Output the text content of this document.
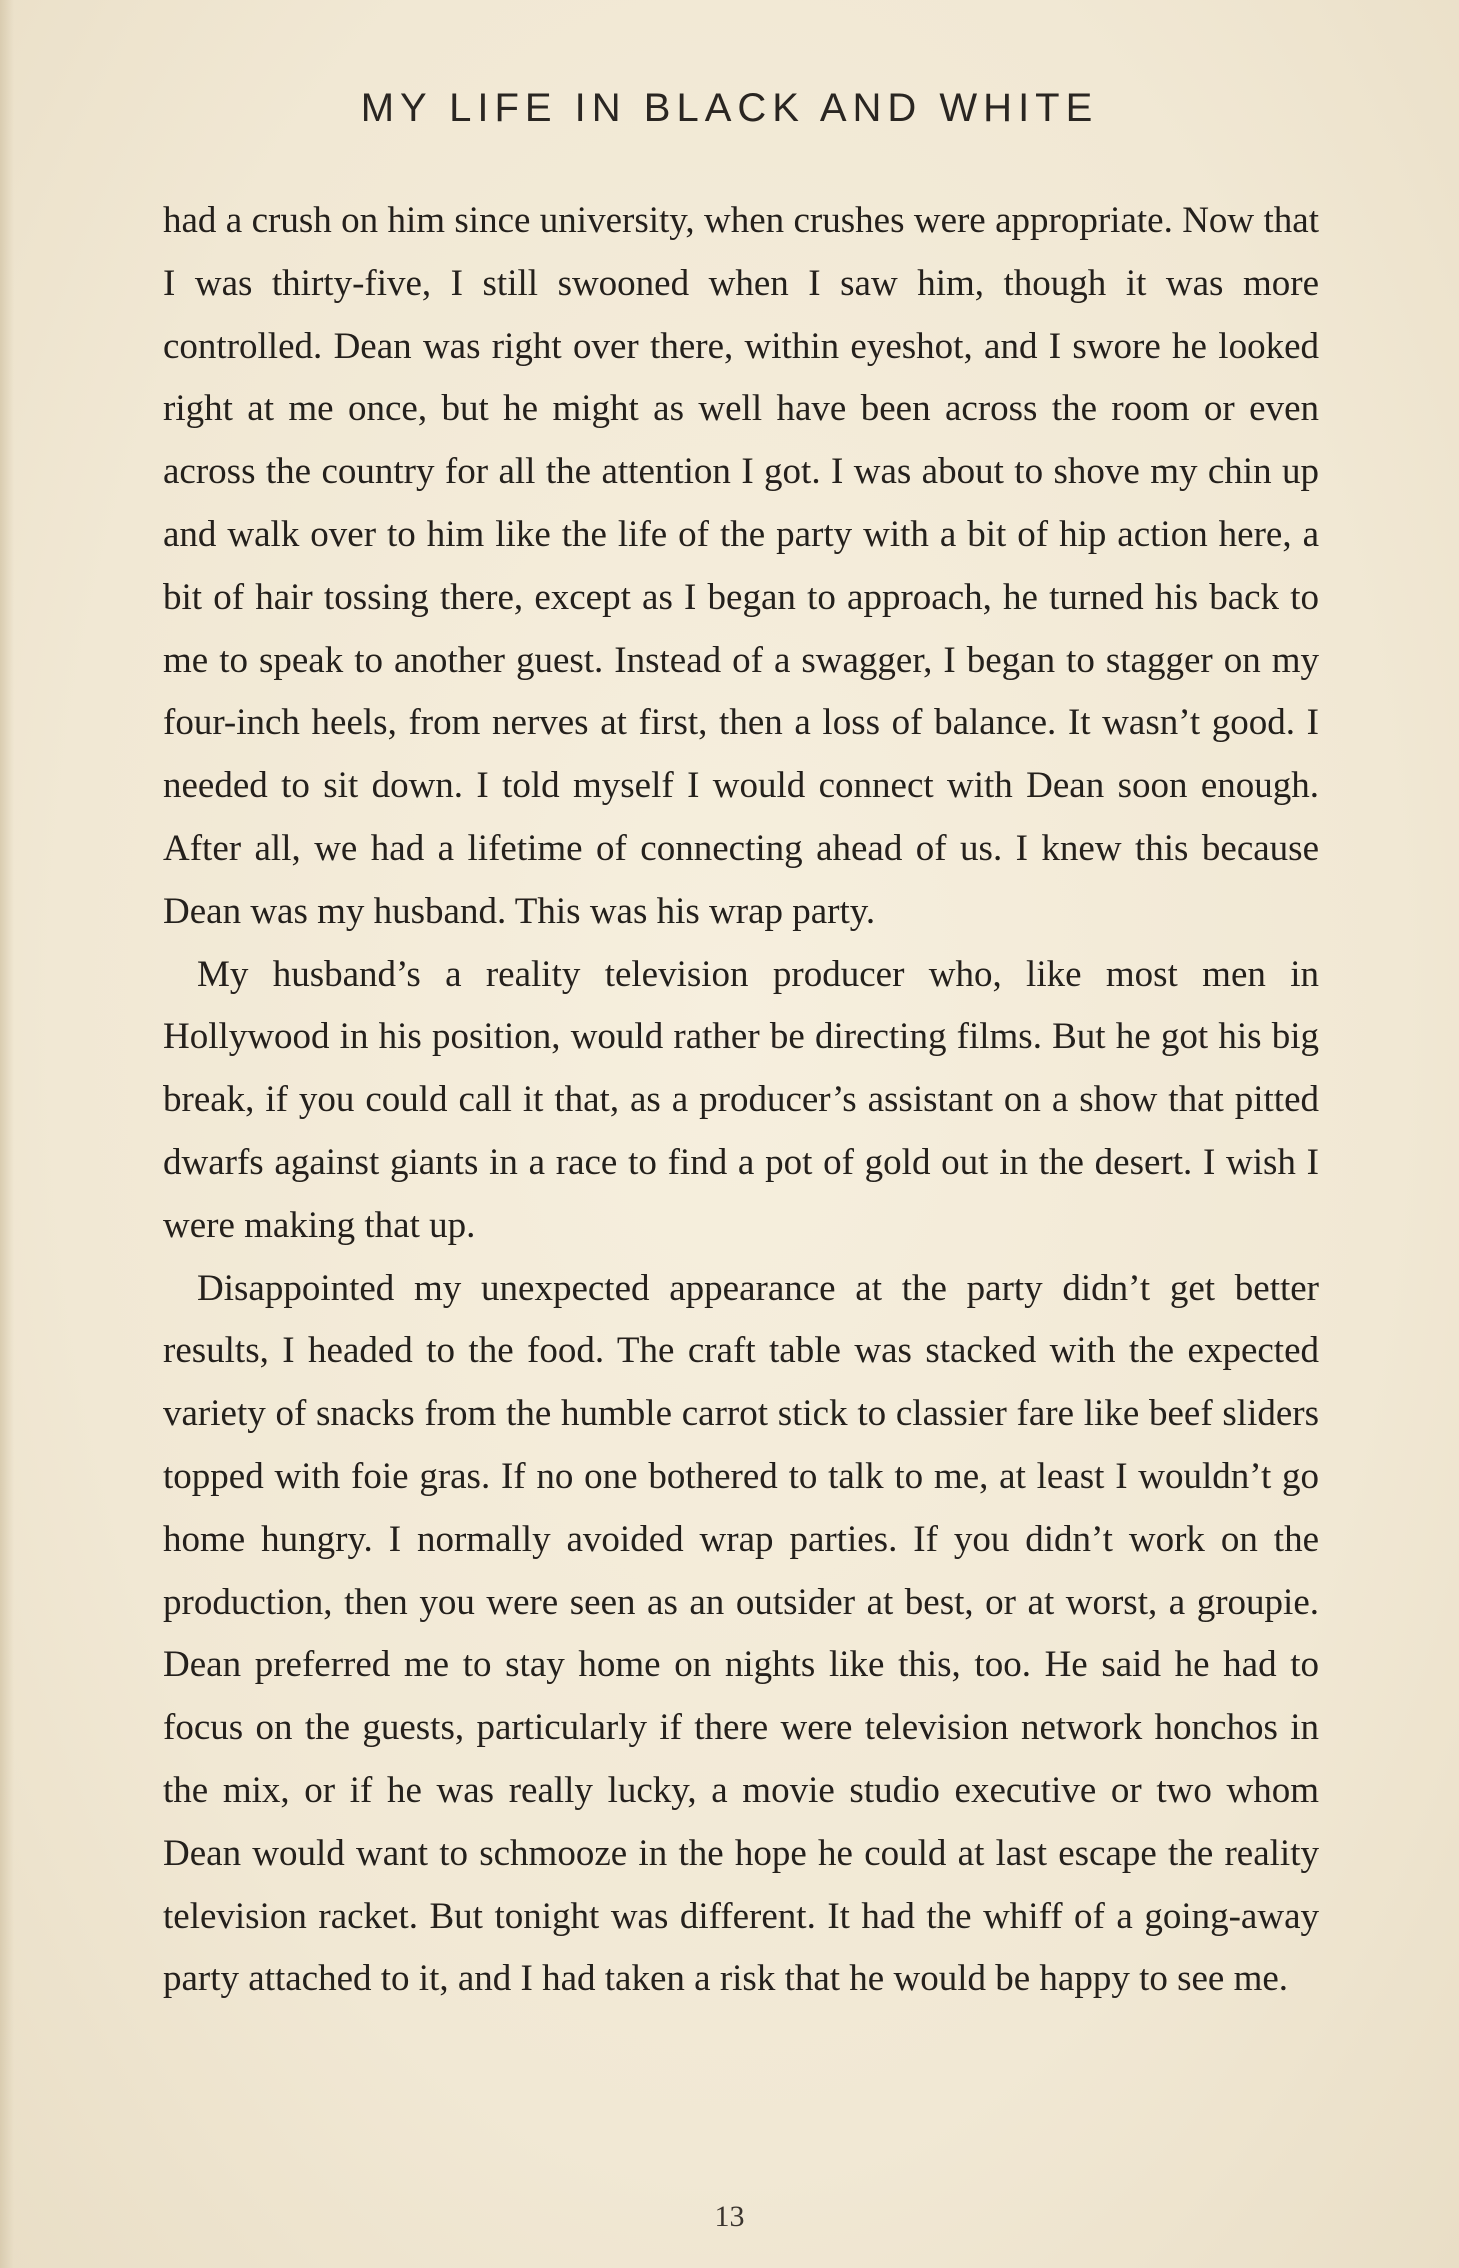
MY LIFE IN BLACK AND WHITE

had a crush on him since university, when crushes were appropriate. Now that I was thirty-five, I still swooned when I saw him, though it was more controlled. Dean was right over there, within eyeshot, and I swore he looked right at me once, but he might as well have been across the room or even across the country for all the attention I got. I was about to shove my chin up and walk over to him like the life of the party with a bit of hip action here, a bit of hair tossing there, except as I began to approach, he turned his back to me to speak to another guest. Instead of a swagger, I began to stagger on my four-inch heels, from nerves at first, then a loss of balance. It wasn’t good. I needed to sit down. I told myself I would connect with Dean soon enough. After all, we had a lifetime of connecting ahead of us. I knew this because Dean was my husband. This was his wrap party.

My husband’s a reality television producer who, like most men in Hollywood in his position, would rather be directing films. But he got his big break, if you could call it that, as a producer’s assistant on a show that pitted dwarfs against giants in a race to find a pot of gold out in the desert. I wish I were making that up.

Disappointed my unexpected appearance at the party didn’t get better results, I headed to the food. The craft table was stacked with the expected variety of snacks from the humble carrot stick to classier fare like beef sliders topped with foie gras. If no one bothered to talk to me, at least I wouldn’t go home hungry. I normally avoided wrap parties. If you didn’t work on the production, then you were seen as an outsider at best, or at worst, a groupie. Dean preferred me to stay home on nights like this, too. He said he had to focus on the guests, particularly if there were television network honchos in the mix, or if he was really lucky, a movie studio executive or two whom Dean would want to schmooze in the hope he could at last escape the reality television racket. But tonight was different. It had the whiff of a going-away party attached to it, and I had taken a risk that he would be happy to see me.

13
